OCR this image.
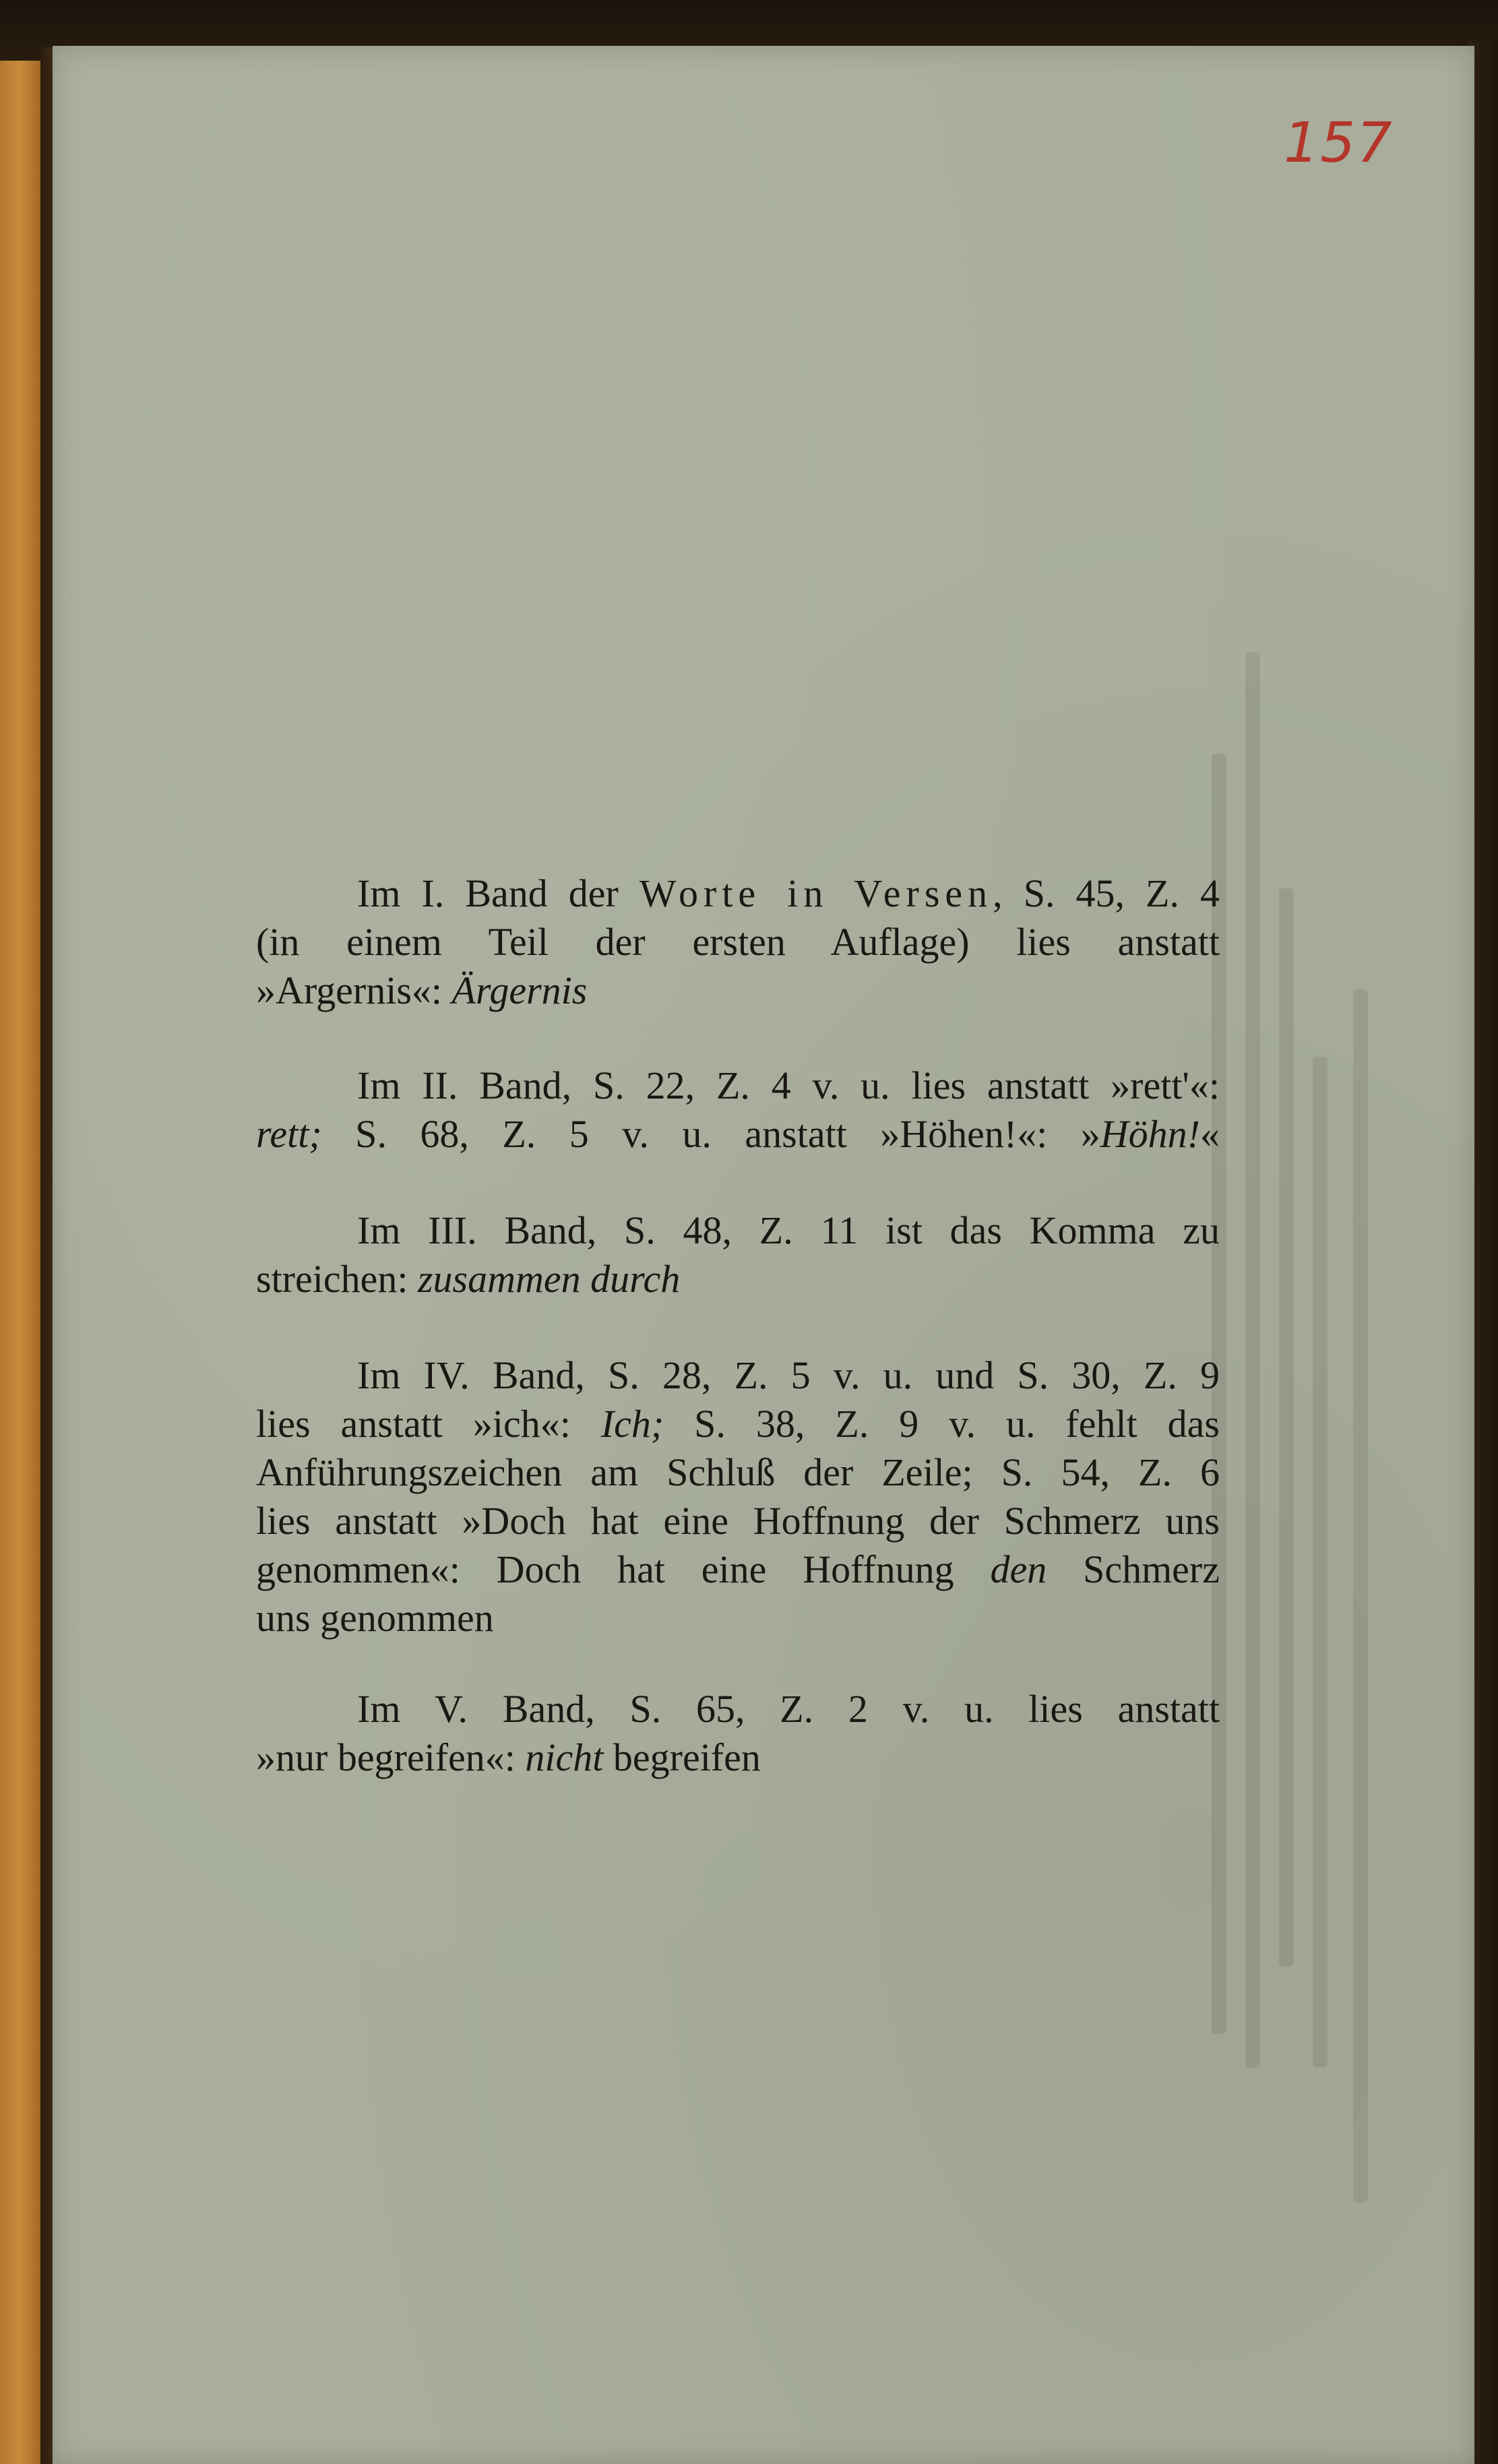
157
Im I. Band der Worte in Versen, S. 45, Z. 4
(in einem Teil der ersten Auflage) lies anstatt
»Argernis«: Ärgernis
Im II. Band, S. 22, Z. 4 v. u. lies anstatt »rett'«:
rett; S. 68, Z. 5 v. u. anstatt »Höhen!«: »Höhn!«
Im III. Band, S. 48, Z. 11 ist das Komma zu
streichen: zusammen durch
Im IV. Band, S. 28, Z. 5 v. u. und S. 30, Z. 9
lies anstatt »ich«: Ich; S. 38, Z. 9 v. u. fehlt das
Anführungszeichen am Schluß der Zeile; S. 54, Z. 6
lies anstatt »Doch hat eine Hoffnung der Schmerz uns
genommen«: Doch hat eine Hoffnung den Schmerz
uns genommen
Im V. Band, S. 65, Z. 2 v. u. lies anstatt
»nur begreifen«: nicht begreifen
